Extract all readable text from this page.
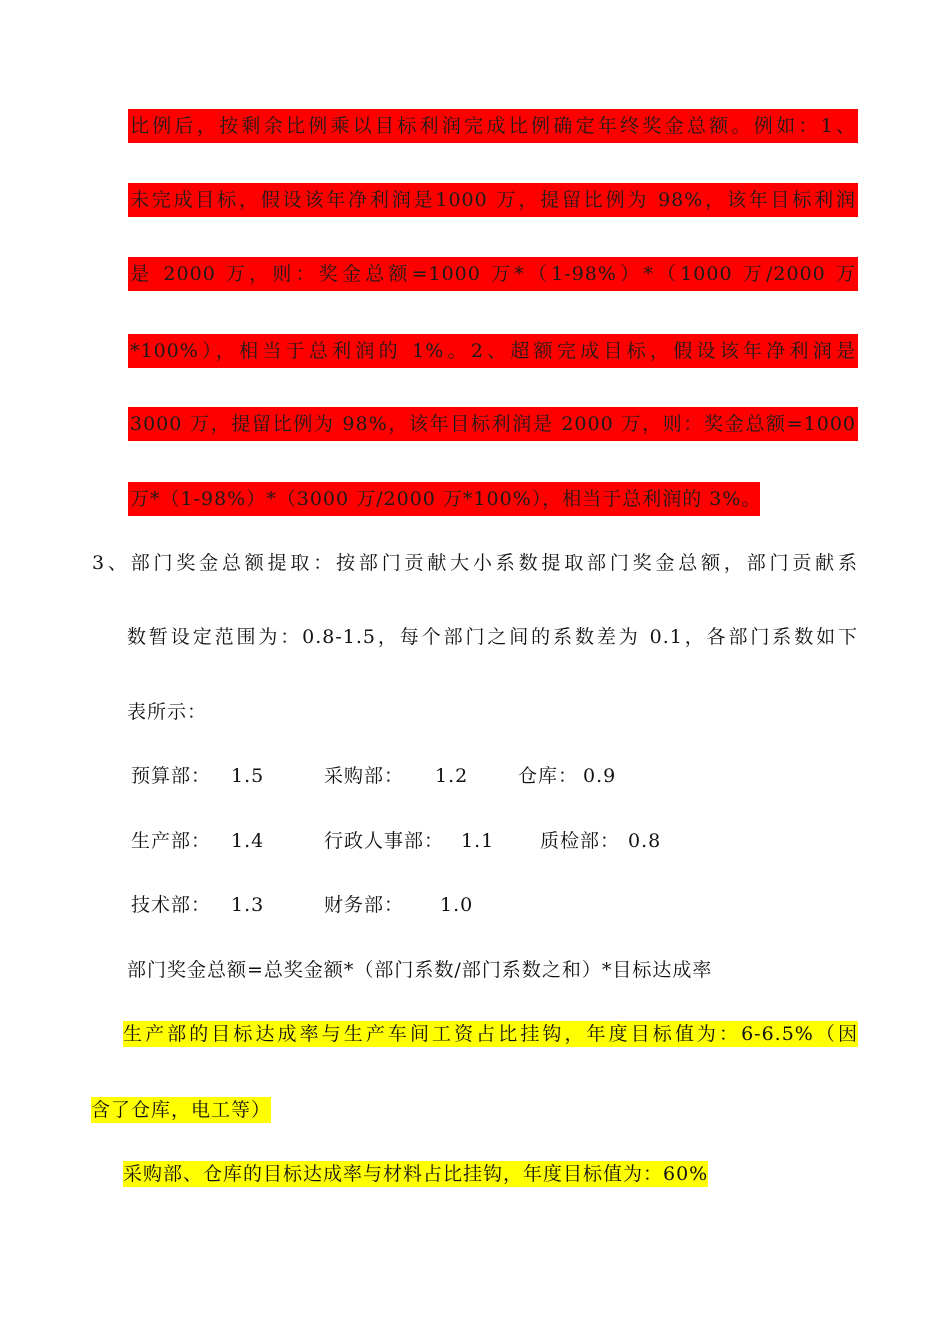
比例后，按剩余比例乘以目标利润完成比例确定年终奖金总额。例如：1、
未完成目标，假设该年净利润是1000 万，提留比例为 98%，该年目标利润
是 2000 万，则：奖金总额=1000 万*（1-98%）*（1000 万/2000 万
*100%），相当于总利润的 1%。2、超额完成目标，假设该年净利润是
3000 万，提留比例为 98%，该年目标利润是 2000 万，则：奖金总额=1000
万*（1-98%）*（3000 万/2000 万*100%），相当于总利润的 3%。
3、部门奖金总额提取：按部门贡献大小系数提取部门奖金总额，部门贡献系
数暂设定范围为：0.8-1.5，每个部门之间的系数差为 0.1，各部门系数如下
表所示：
预算部： 1.5	采购部： 1.2	仓库： 0.9
生产部： 1.4	行政人事部： 1.1 质检部： 0.8
技术部： 1.3	财务部： 1.0
部门奖金总额=总奖金额*（部门系数/部门系数之和）*目标达成率
生产部的目标达成率与生产车间工资占比挂钩，年度目标值为：6-6.5%（因
含了仓库，电工等）
采购部、仓库的目标达成率与材料占比挂钩，年度目标值为：60%
